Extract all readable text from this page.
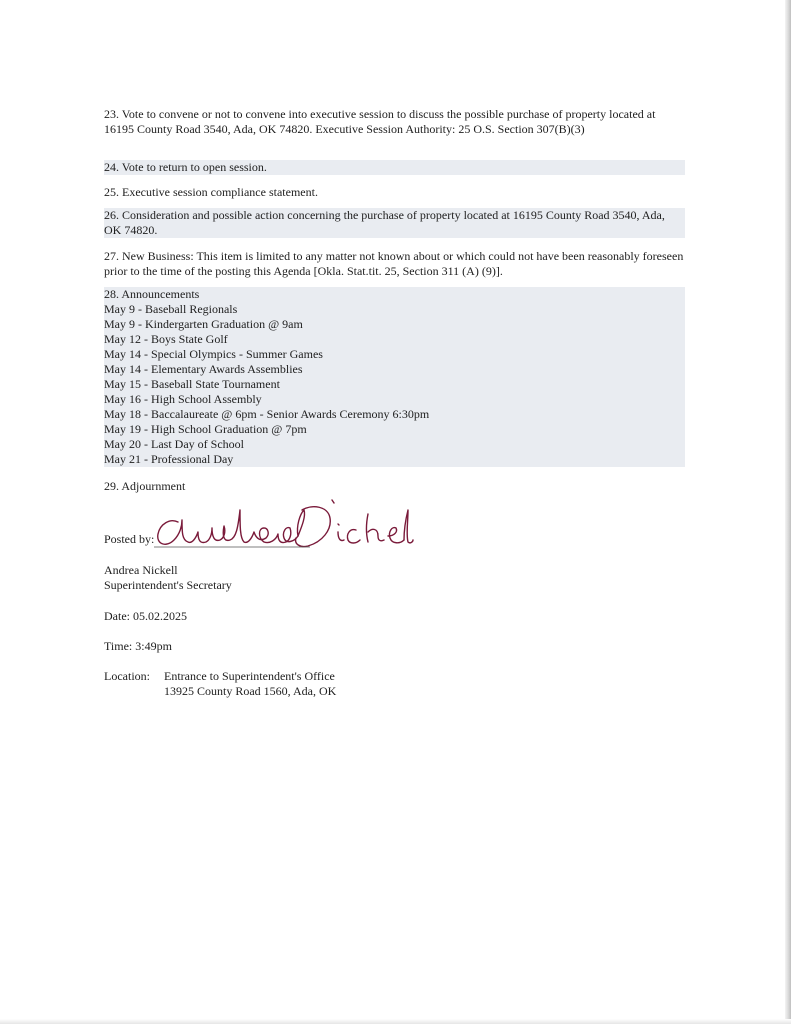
23. Vote to convene or not to convene into executive session to discuss the possible purchase of property located at 16195 County Road 3540, Ada, OK 74820. Executive Session Authority: 25 O.S. Section 307(B)(3)

24. Vote to return to open session.

25. Executive session compliance statement.

26. Consideration and possible action concerning the purchase of property located at 16195 County Road 3540, Ada, OK 74820.

27. New Business: This item is limited to any matter not known about or which could not have been reasonably foreseen prior to the time of the posting this Agenda [Okla. Stat.tit. 25, Section 311 (A) (9)].

28. Announcements
May 9 - Baseball Regionals
May 9 - Kindergarten Graduation @ 9am
May 12 - Boys State Golf
May 14 - Special Olympics - Summer Games
May 14 - Elementary Awards Assemblies
May 15 - Baseball State Tournament
May 16 - High School Assembly
May 18 - Baccalaureate @ 6pm - Senior Awards Ceremony 6:30pm
May 19 - High School Graduation @ 7pm
May 20 - Last Day of School
May 21 - Professional Day

29. Adjournment

Posted by:
Andrea Nickell
Superintendent's Secretary
Date: 05.02.2025
Time: 3:49pm
Location: Entrance to Superintendent's Office
13925 County Road 1560, Ada, OK
